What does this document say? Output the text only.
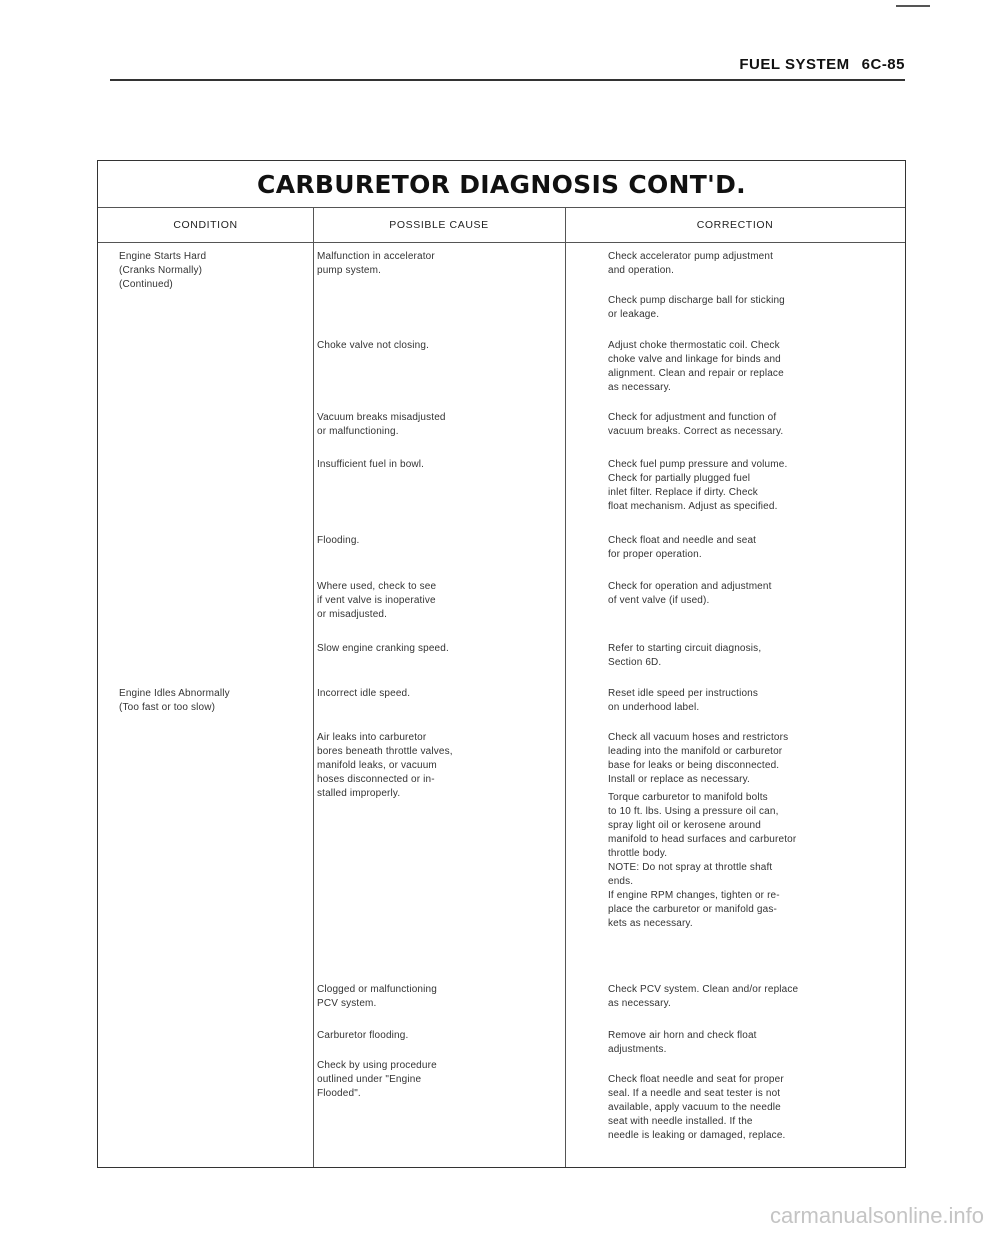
FUEL SYSTEM 6C-85
CARBURETOR DIAGNOSIS CONT'D.
CONDITION	POSSIBLE CAUSE	CORRECTION
Engine Starts Hard
(Cranks Normally)
(Continued)
Engine Idles Abnormally
(Too fast or too slow)
Malfunction in accelerator
pump system.
Choke valve not closing.
Vacuum breaks misadjusted
or malfunctioning.
Insufficient fuel in bowl.
Flooding.
Where used, check to see
if vent valve is inoperative
or misadjusted.
Slow engine cranking speed.
Incorrect idle speed.
Air leaks into carburetor
bores beneath throttle valves,
manifold leaks, or vacuum
hoses disconnected or in-
stalled improperly.
Clogged or malfunctioning
PCV system.
Carburetor flooding.
Check by using procedure
outlined under "Engine
Flooded".
Check accelerator pump adjustment
and operation.
Check pump discharge ball for sticking
or leakage.
Adjust choke thermostatic coil. Check
choke valve and linkage for binds and
alignment. Clean and repair or replace
as necessary.
Check for adjustment and function of
vacuum breaks. Correct as necessary.
Check fuel pump pressure and volume.
Check for partially plugged fuel
inlet filter. Replace if dirty. Check
float mechanism. Adjust as specified.
Check float and needle and seat
for proper operation.
Check for operation and adjustment
of vent valve (if used).
Refer to starting circuit diagnosis,
Section 6D.
Reset idle speed per instructions
on underhood label.
Check all vacuum hoses and restrictors
leading into the manifold or carburetor
base for leaks or being disconnected.
Install or replace as necessary.
Torque carburetor to manifold bolts
to 10 ft. lbs. Using a pressure oil can,
spray light oil or kerosene around
manifold to head surfaces and carburetor
throttle body.
NOTE: Do not spray at throttle shaft
ends.
If engine RPM changes, tighten or re-
place the carburetor or manifold gas-
kets as necessary.
Check PCV system. Clean and/or replace
as necessary.
Remove air horn and check float
adjustments.
Check float needle and seat for proper
seal. If a needle and seat tester is not
available, apply vacuum to the needle
seat with needle installed. If the
needle is leaking or damaged, replace.
carmanualsonline.info
